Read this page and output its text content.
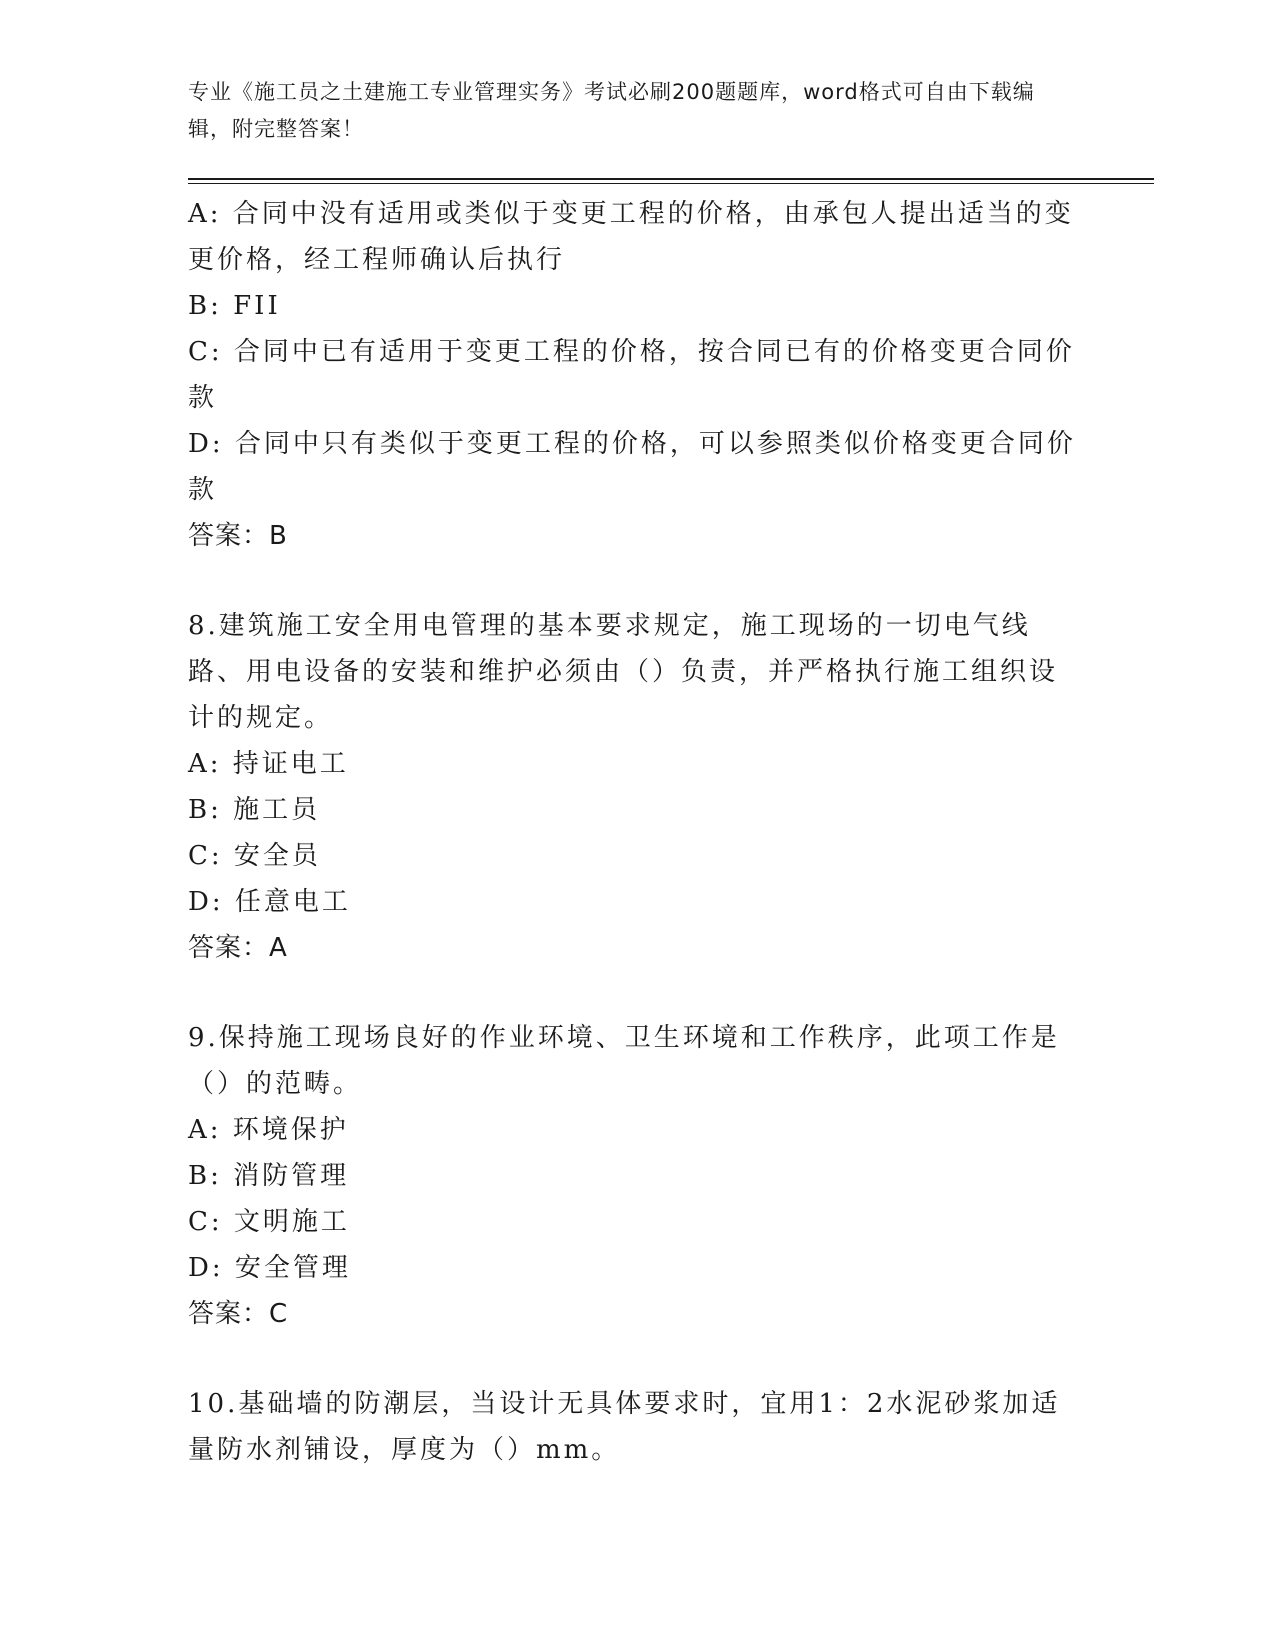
专业《施工员之土建施工专业管理实务》考试必刷200题题库，word格式可自由下载编辑，附完整答案！
A: 合同中没有适用或类似于变更工程的价格，由承包人提出适当的变更价格，经工程师确认后执行
B: FII
C: 合同中已有适用于变更工程的价格，按合同已有的价格变更合同价款
D: 合同中只有类似于变更工程的价格，可以参照类似价格变更合同价款
答案：B
8.建筑施工安全用电管理的基本要求规定，施工现场的一切电气线路、用电设备的安装和维护必须由（）负责，并严格执行施工组织设计的规定。
A: 持证电工
B: 施工员
C: 安全员
D: 任意电工
答案：A
9.保持施工现场良好的作业环境、卫生环境和工作秩序，此项工作是（）的范畴。
A: 环境保护
B: 消防管理
C: 文明施工
D: 安全管理
答案：C
10.基础墙的防潮层，当设计无具体要求时，宜用1：2水泥砂浆加适量防水剂铺设，厚度为（）mm。
